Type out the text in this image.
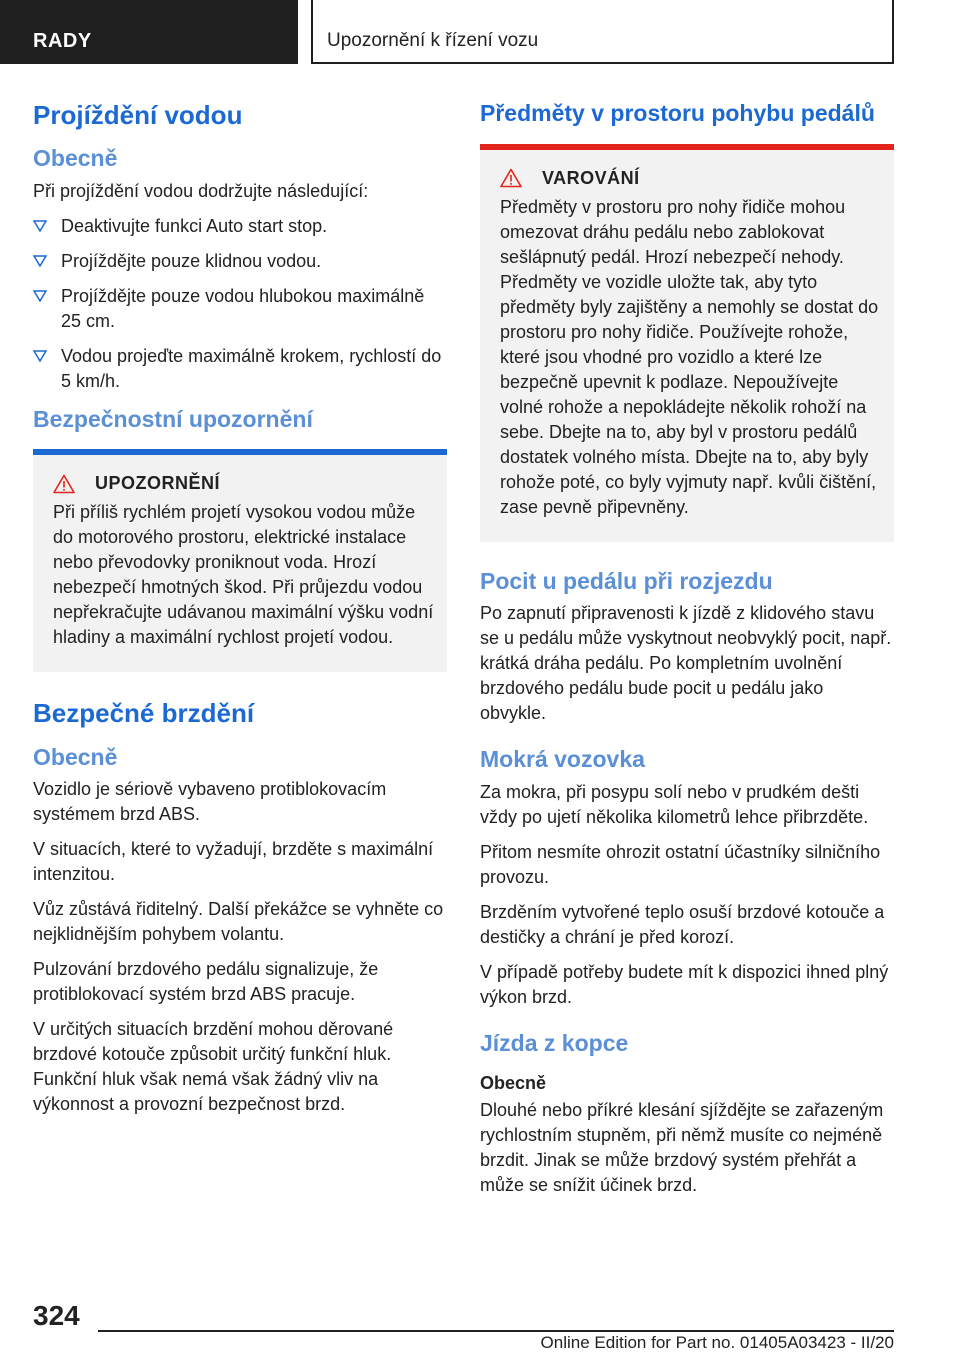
RADY	Upozornění k řízení vozu
Projíždění vodou
Obecně

Při projíždění vodou dodržujte následující:

Deaktivujte funkci Auto start stop.
Projíždějte pouze klidnou vodou.
Projíždějte pouze vodou hlubokou maximálně 25 cm.
Vodou projeďte maximálně krokem, rychlostí do 5 km/h.
Bezpečnostní upozornění
UPOZORNĚNÍ

Při příliš rychlém projetí vysokou vodou může do motorového prostoru, elektrické instalace nebo převodovky proniknout voda. Hrozí nebezpečí hmotných škod. Při průjezdu vodou nepřekračujte udávanou maximální výšku vodní hladiny a maximální rychlost projetí vodou.

Bezpečné brzdění
Obecně

Vozidlo je sériově vybaveno protiblokovacím systémem brzd ABS.

V situacích, které to vyžadují, brzděte s maximální intenzitou.

Vůz zůstává řiditelný. Další překážce se vyhněte co nejklidnějším pohybem volantu.

Pulzování brzdového pedálu signalizuje, že protiblokovací systém brzd ABS pracuje.

V určitých situacích brzdění mohou děrované brzdové kotouče způsobit určitý funkční hluk. Funkční hluk však nemá však žádný vliv na výkonnost a provozní bezpečnost brzd.

Předměty v prostoru pohybu pedálů
VAROVÁNÍ

Předměty v prostoru pro nohy řidiče mohou omezovat dráhu pedálu nebo zablokovat sešlápnutý pedál. Hrozí nebezpečí nehody. Předměty ve vozidle uložte tak, aby tyto předměty byly zajištěny a nemohly se dostat do prostoru pro nohy řidiče. Používejte rohože, které jsou vhodné pro vozidlo a které lze bezpečně upevnit k podlaze. Nepoužívejte volné rohože a nepokládejte několik rohoží na sebe. Dbejte na to, aby byl v prostoru pedálů dostatek volného místa. Dbejte na to, aby byly rohože poté, co byly vyjmuty např. kvůli čištění, zase pevně připevněny.

Pocit u pedálu při rozjezdu

Po zapnutí připravenosti k jízdě z klidového stavu se u pedálu může vyskytnout neobvyklý pocit, např. krátká dráha pedálu. Po kompletním uvolnění brzdového pedálu bude pocit u pedálu jako obvykle.

Mokrá vozovka

Za mokra, při posypu solí nebo v prudkém dešti vždy po ujetí několika kilometrů lehce přibrzděte.

Přitom nesmíte ohrozit ostatní účastníky silničního provozu.

Brzděním vytvořené teplo osuší brzdové kotouče a destičky a chrání je před korozí.

V případě potřeby budete mít k dispozici ihned plný výkon brzd.

Jízda z kopce
Obecně

Dlouhé nebo příkré klesání sjíždějte se zařazeným rychlostním stupněm, při němž musíte co nejméně brzdit. Jinak se může brzdový systém přehřát a může se snížit účinek brzd.

324
Online Edition for Part no. 01405A03423 - II/20
